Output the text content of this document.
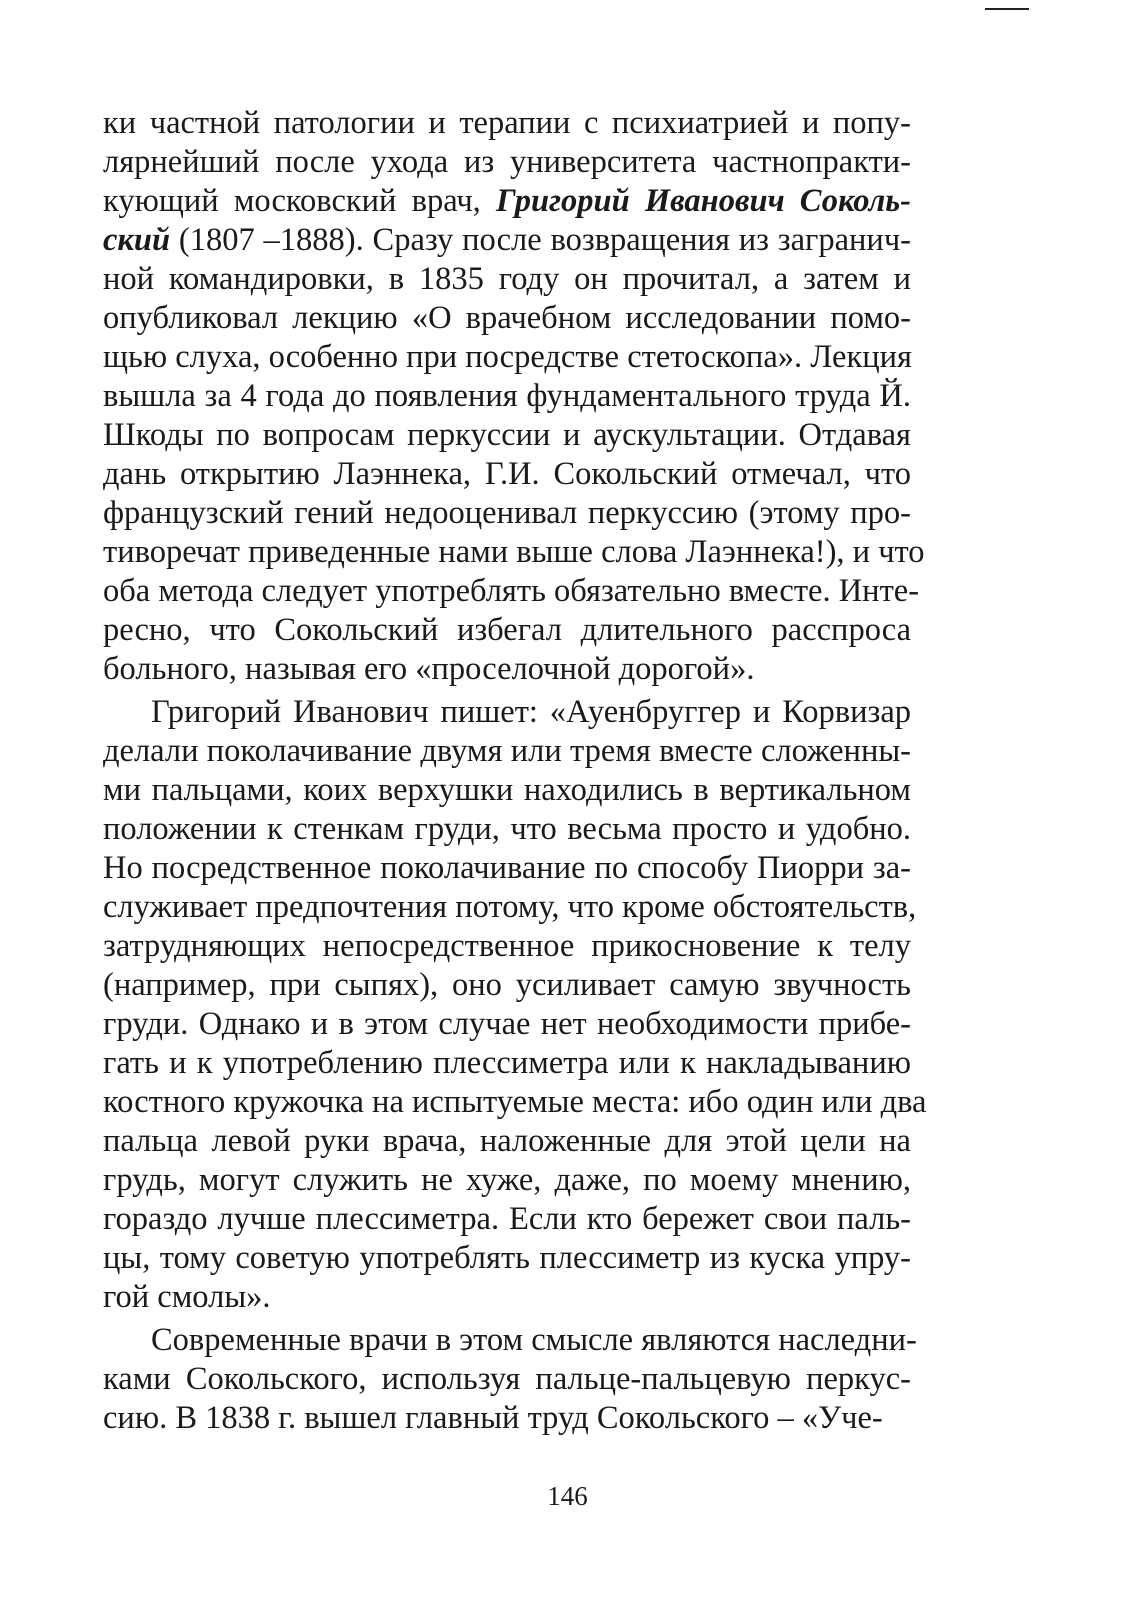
ки частной патологии и терапии с психиатрией и попу-
лярнейший после ухода из университета частнопракти-
кующий московский врач, Григорий Иванович Соколь-
ский (1807 –1888). Сразу после возвращения из загранич-
ной командировки, в 1835 году он прочитал, а затем и
опубликовал лекцию «О врачебном исследовании помо-
щью слуха, особенно при посредстве стетоскопа». Лекция
вышла за 4 года до появления фундаментального труда Й.
Шкоды по вопросам перкуссии и аускультации. Отдавая
дань открытию Лаэннека, Г.И. Сокольский отмечал, что
французский гений недооценивал перкуссию (этому про-
тиворечат приведенные нами выше слова Лаэннека!), и что
оба метода следует употреблять обязательно вместе. Инте-
ресно, что Сокольский избегал длительного расспроса
больного, называя его «проселочной дорогой».
Григорий Иванович пишет: «Ауенбруггер и Корвизар
делали поколачивание двумя или тремя вместе сложенны-
ми пальцами, коих верхушки находились в вертикальном
положении к стенкам груди, что весьма просто и удобно.
Но посредственное поколачивание по способу Пиорри за-
служивает предпочтения потому, что кроме обстоятельств,
затрудняющих непосредственное прикосновение к телу
(например, при сыпях), оно усиливает самую звучность
груди. Однако и в этом случае нет необходимости прибе-
гать и к употреблению плессиметра или к накладыванию
костного кружочка на испытуемые места: ибо один или два
пальца левой руки врача, наложенные для этой цели на
грудь, могут служить не хуже, даже, по моему мнению,
гораздо лучше плессиметра. Если кто бережет свои паль-
цы, тому советую употреблять плессиметр из куска упру-
гой смолы».
Современные врачи в этом смысле являются наследни-
ками Сокольского, используя пальце-пальцевую перкус-
сию. В 1838 г. вышел главный труд Сокольского – «Уче-
146
